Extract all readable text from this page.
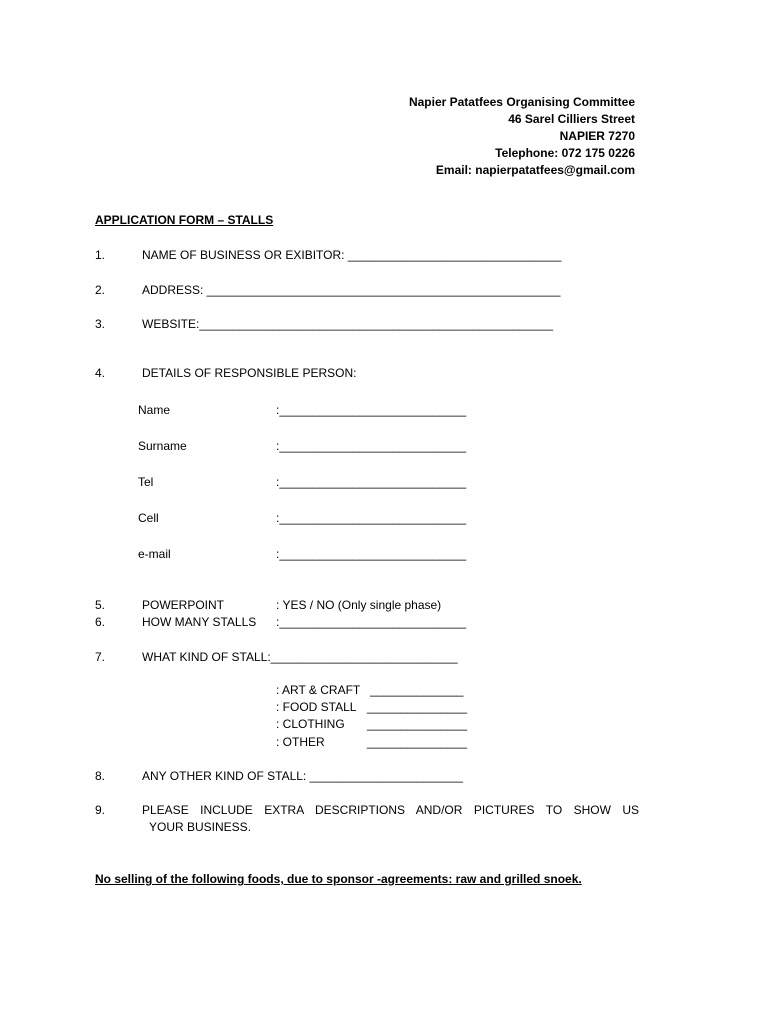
Napier Patatfees Organising Committee
46 Sarel Cilliers Street
NAPIER 7270
Telephone: 072 175 0226
Email: napierpatatfees@gmail.com
APPLICATION FORM – STALLS
1.	NAME OF BUSINESS OR EXIBITOR: ________________________________
2.	ADDRESS: _____________________________________________________
3.	WEBSITE:_____________________________________________________
4.	DETAILS OF RESPONSIBLE PERSON:
Name	:____________________________
Surname	:____________________________
Tel	:____________________________
Cell	:____________________________
e-mail	:____________________________
5.	POWERPOINT	: YES / NO (Only single phase)
6.	HOW MANY STALLS :____________________________
7.	WHAT KIND OF STALL:____________________________
: ART & CRAFT ______________
: FOOD STALL _______________
: CLOTHING _______________
: OTHER	_______________
8.	ANY OTHER KIND OF STALL: _______________________
9.	PLEASE INCLUDE EXTRA DESCRIPTIONS AND/OR PICTURES TO SHOW US
YOUR BUSINESS.
No selling of the following foods, due to sponsor -agreements: raw and grilled snoek.
